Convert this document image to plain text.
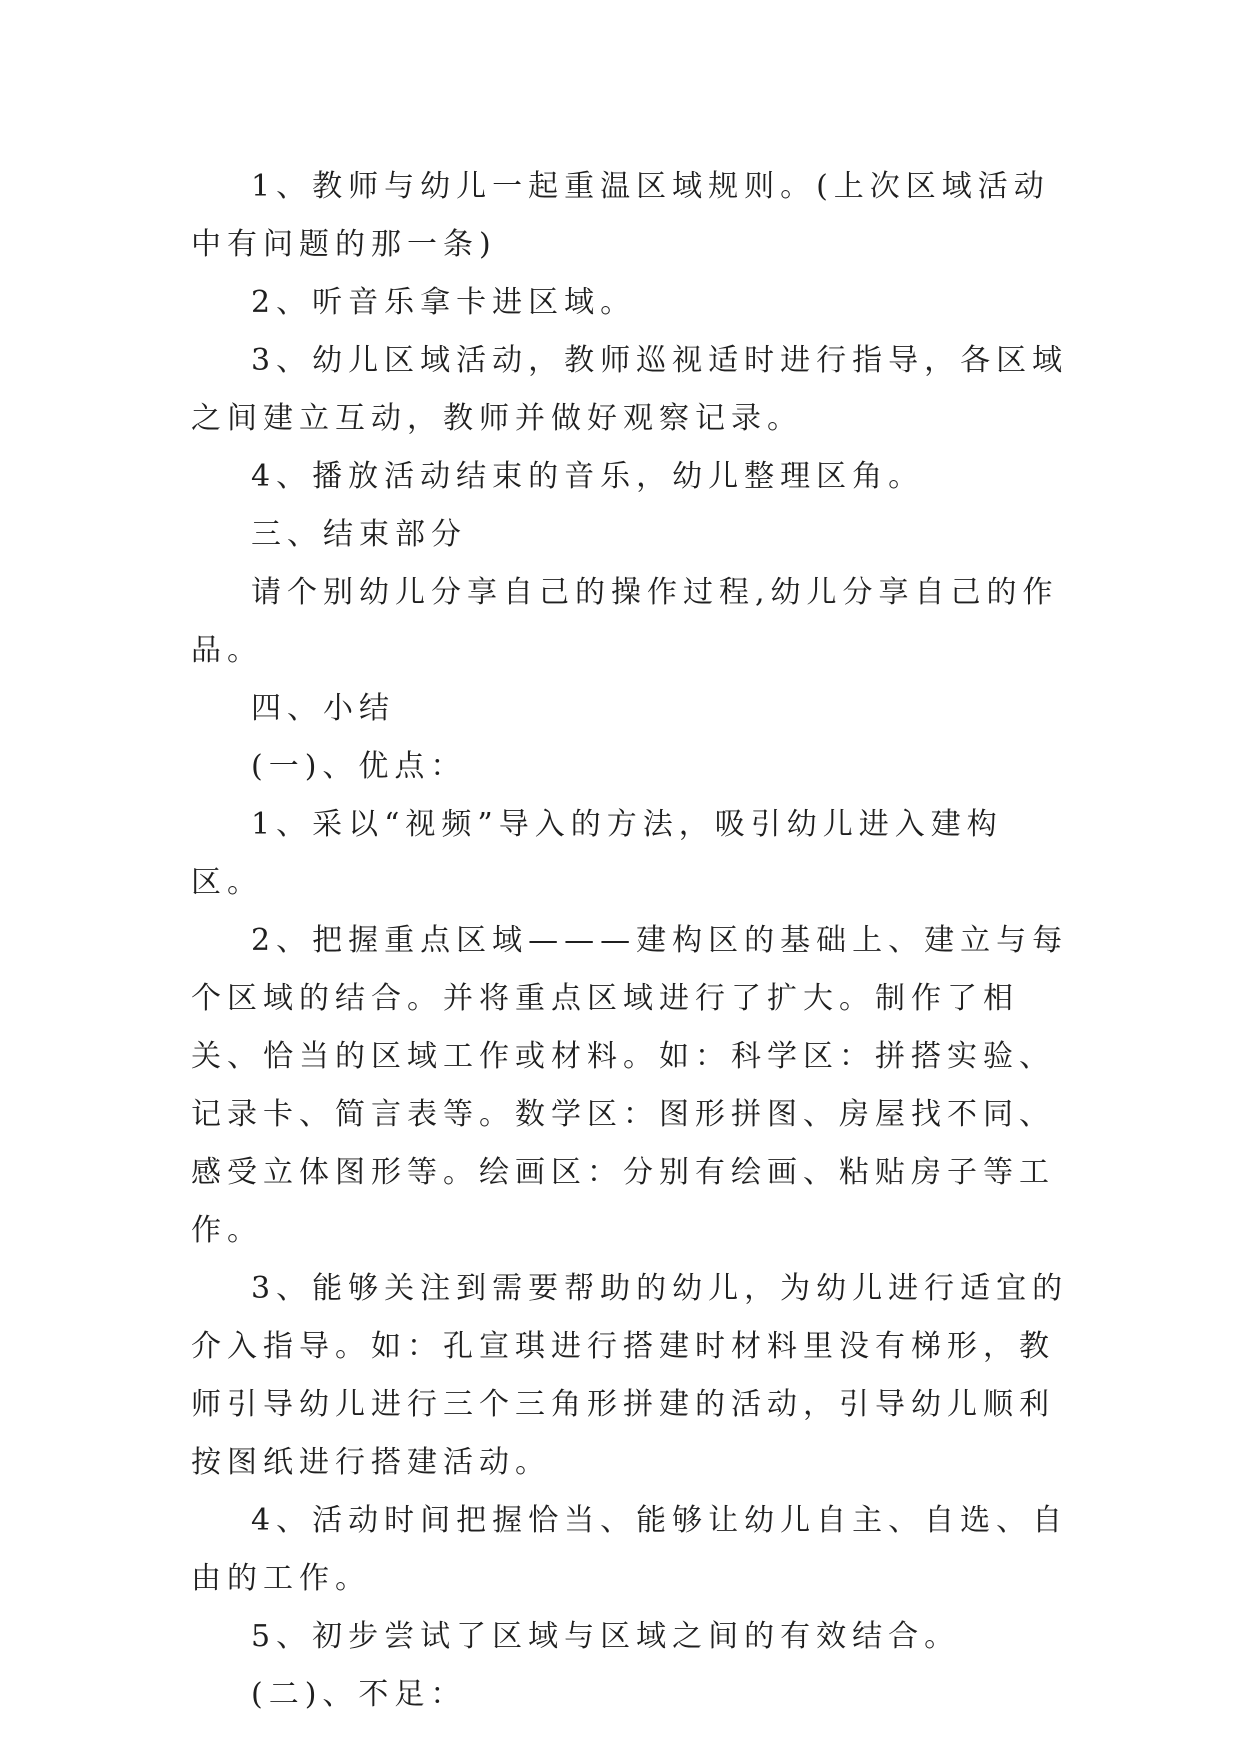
1、教师与幼儿一起重温区域规则。(上次区域活动中有问题的那一条)

2、听音乐拿卡进区域。

3、幼儿区域活动，教师巡视适时进行指导，各区域之间建立互动，教师并做好观察记录。

4、播放活动结束的音乐，幼儿整理区角。

三、结束部分

请个别幼儿分享自己的操作过程,幼儿分享自己的作品。

四、小结

(一)、优点：

1、采以“视频”导入的方法，吸引幼儿进入建构区。

2、把握重点区域———建构区的基础上、建立与每个区域的结合。并将重点区域进行了扩大。制作了相关、恰当的区域工作或材料。如：科学区：拼搭实验、记录卡、简言表等。数学区：图形拼图、房屋找不同、感受立体图形等。绘画区：分别有绘画、粘贴房子等工作。

3、能够关注到需要帮助的幼儿，为幼儿进行适宜的介入指导。如：孔宣琪进行搭建时材料里没有梯形，教师引导幼儿进行三个三角形拼建的活动，引导幼儿顺利按图纸进行搭建活动。

4、活动时间把握恰当、能够让幼儿自主、自选、自由的工作。

5、初步尝试了区域与区域之间的有效结合。

(二)、不足：
